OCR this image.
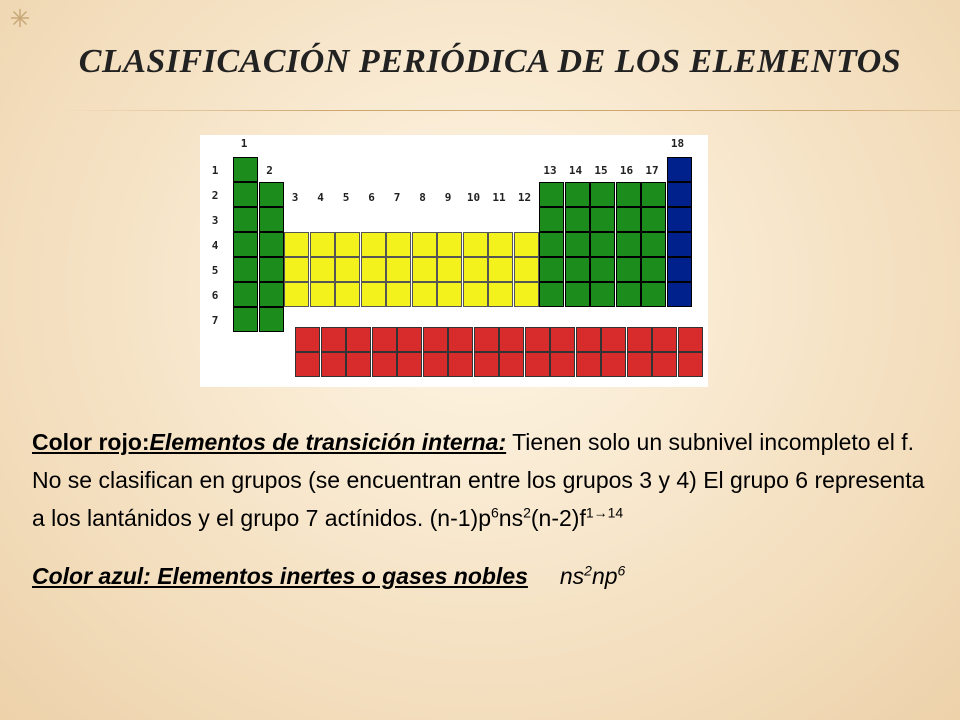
CLASIFICACIÓN PERIÓDICA DE LOS ELEMENTOS
1
2
3
4
5
6
7
1
2
3	4	5	6	7	8	9	10	11	12
13	14	15	16	17
18

Color rojo:Elementos de transición interna: Tienen solo un subnivel incompleto el f. No se clasifican en grupos (se encuentran entre los grupos 3 y 4) El grupo 6 representa a los lantánidos y el grupo 7 actínidos. $(n-1)p^6ns^2(n-2)f^{1\to 14}$

Color azul: Elementos inertes o gases nobles $ns^2np^6$
